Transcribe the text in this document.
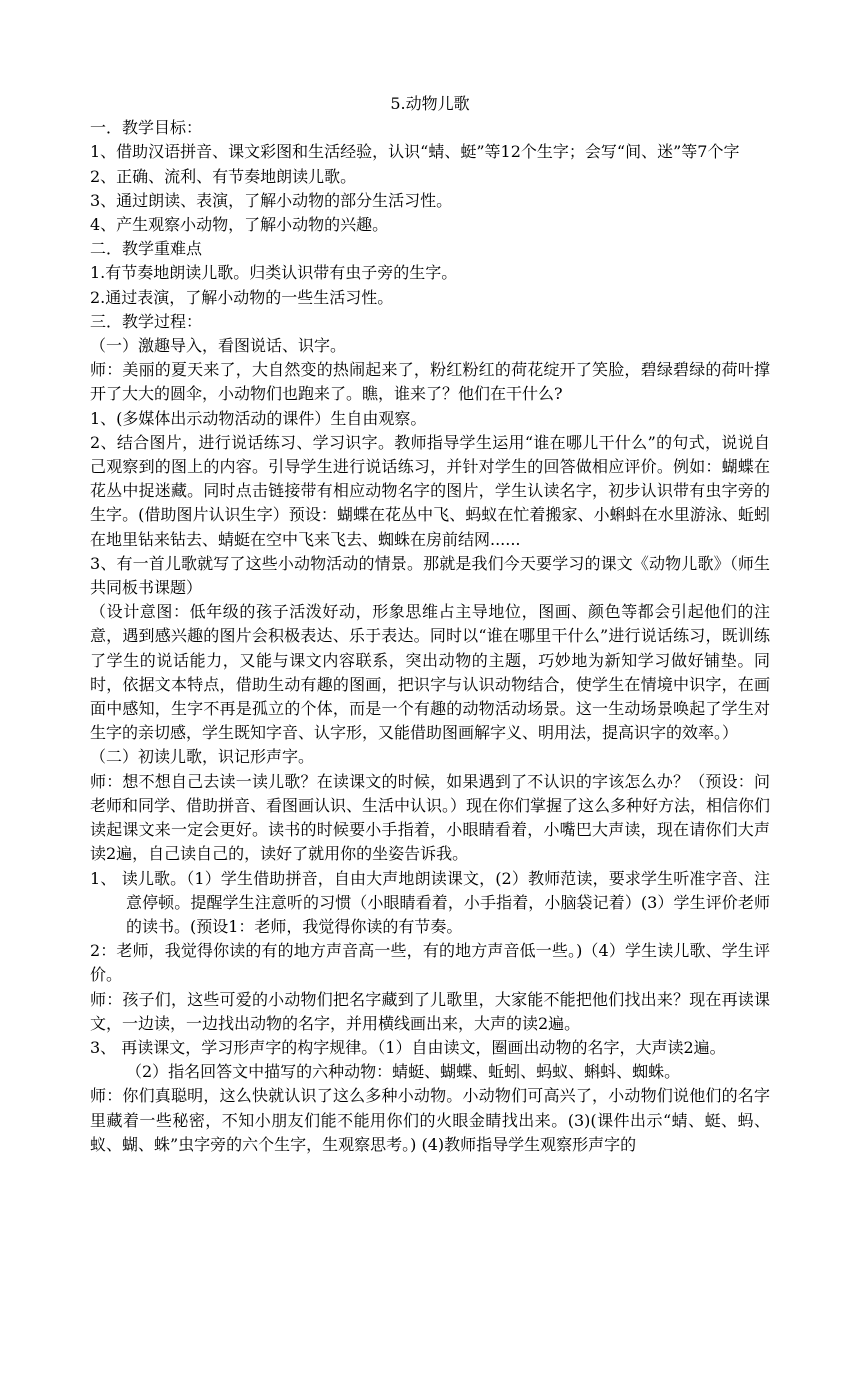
5.动物儿歌

一．教学目标：

1、借助汉语拼音、课文彩图和生活经验，认识“蜻、蜓”等12个生字；会写“间、迷”等7个字

2、正确、流利、有节奏地朗读儿歌。

3、通过朗读、表演，了解小动物的部分生活习性。

4、产生观察小动物，了解小动物的兴趣。

二．教学重难点

1.有节奏地朗读儿歌。归类认识带有虫子旁的生字。

2.通过表演，了解小动物的一些生活习性。

三．教学过程：

（一）激趣导入，看图说话、识字。

师：美丽的夏天来了，大自然变的热闹起来了，粉红粉红的荷花绽开了笑脸，碧绿碧绿的荷叶撑开了大大的圆伞，小动物们也跑来了。瞧，谁来了？他们在干什么?

1、(多媒体出示动物活动的课件）生自由观察。

2、结合图片，进行说话练习、学习识字。教师指导学生运用“谁在哪儿干什么”的句式，说说自己观察到的图上的内容。引导学生进行说话练习，并针对学生的回答做相应评价。例如：蝴蝶在花丛中捉迷藏。同时点击链接带有相应动物名字的图片，学生认读名字，初步认识带有虫字旁的生字。(借助图片认识生字）预设：蝴蝶在花丛中飞、蚂蚁在忙着搬家、小蝌蚪在水里游泳、蚯蚓在地里钻来钻去、蜻蜓在空中飞来飞去、蜘蛛在房前结网......

3、有一首儿歌就写了这些小动物活动的情景。那就是我们今天要学习的课文《动物儿歌》（师生共同板书课题）

（设计意图：低年级的孩子活泼好动，形象思维占主导地位，图画、颜色等都会引起他们的注意，遇到感兴趣的图片会积极表达、乐于表达。同时以“谁在哪里干什么”进行说话练习，既训练了学生的说话能力，又能与课文内容联系，突出动物的主题，巧妙地为新知学习做好铺垫。同时，依据文本特点，借助生动有趣的图画，把识字与认识动物结合，使学生在情境中识字，在画面中感知，生字不再是孤立的个体，而是一个有趣的动物活动场景。这一生动场景唤起了学生对生字的亲切感，学生既知字音、认字形，又能借助图画解字义、明用法，提高识字的效率。）

（二）初读儿歌，识记形声字。

师：想不想自己去读一读儿歌？在读课文的时候，如果遇到了不认识的字该怎么办？（预设：问老师和同学、借助拼音、看图画认识、生活中认识。）现在你们掌握了这么多种好方法，相信你们读起课文来一定会更好。读书的时候要小手指着，小眼睛看着，小嘴巴大声读，现在请你们大声读2遍，自己读自己的，读好了就用你的坐姿告诉我。

1、 读儿歌。（1）学生借助拼音，自由大声地朗读课文，(2）教师范读，要求学生听准字音、注意停顿。提醒学生注意听的习惯（小眼睛看着，小手指着，小脑袋记着）(3）学生评价老师的读书。(预设1：老师，我觉得你读的有节奏。

2：老师，我觉得你读的有的地方声音高一些，有的地方声音低一些。)（4）学生读儿歌、学生评价。

师：孩子们，这些可爱的小动物们把名字藏到了儿歌里，大家能不能把他们找出来？现在再读课文，一边读，一边找出动物的名字，并用横线画出来，大声的读2遍。

3、 再读课文，学习形声字的构字规律。（1）自由读文，圈画出动物的名字，大声读2遍。

（2）指名回答文中描写的六种动物：蜻蜓、蝴蝶、蚯蚓、蚂蚁、蝌蚪、蜘蛛。

师：你们真聪明，这么快就认识了这么多种小动物。小动物们可高兴了，小动物们说他们的名字里藏着一些秘密，不知小朋友们能不能用你们的火眼金睛找出来。(3)(课件出示“蜻、蜓、蚂、蚁、蝴、蛛”虫字旁的六个生字，生观察思考。) (4)教师指导学生观察形声字的
